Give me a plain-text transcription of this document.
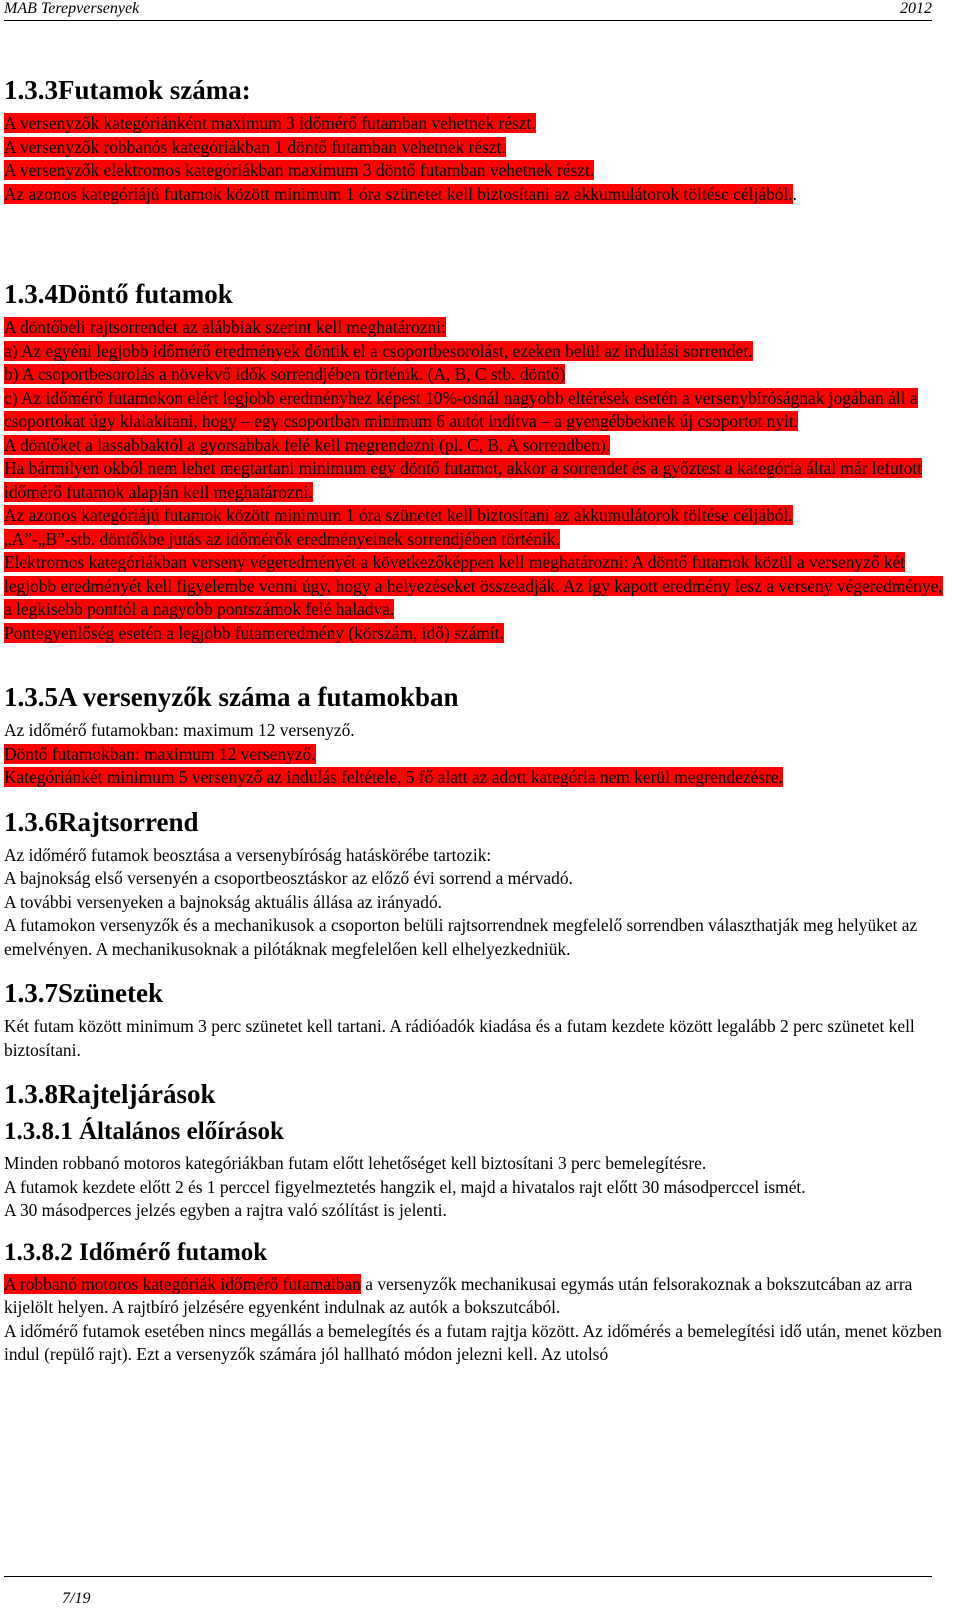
MAB Terepversenyek	2012
1.3.3Futamok száma:

A versenyzők kategóriánként maximum 3 időmérő futamban vehetnek részt.
A versenyzők robbanós kategóriákban 1 döntő futamban vehetnek részt.
A versenyzők elektromos kategóriákban maximum 3 döntő futamban vehetnek részt.
Az azonos kategóriájú futamok között minimum 1 óra szünetet kell biztosítani az akkumulátorok töltése céljából..

1.3.4Döntő futamok

A döntőbeli rajtsorrendet az alábbiak szerint kell meghatározni:
a) Az egyéni legjobb időmérő eredmények döntik el a csoportbesorolást, ezeken belül az indulási sorrendet.
b) A csoportbesorolás a növekvő idők sorrendjében történik. (A, B, C stb. döntő)
c) Az időmérő futamokon elért legjobb eredményhez képest 10%-osnál nagyobb eltérések esetén a versenybíróságnak jogában áll a csoportokat úgy kialakítani, hogy – egy csoportban minimum 6 autót indítva – a gyengébbeknek új csoportot nyit.
A döntőket a lassabbaktól a gyorsabbak felé kell megrendezni (pl. C, B, A sorrendben).
Ha bármilyen okból nem lehet megtartani minimum egy döntő futamot, akkor a sorrendet és a győztest a kategória által már lefutott időmérő futamok alapján kell meghatározni.
Az azonos kategóriájú futamok között minimum 1 óra szünetet kell biztosítani az akkumulátorok töltése céljából.
„A”-„B”-stb. döntőkbe jutás az időmérők eredményeinek sorrendjében történik.
Elektromos kategóriákban verseny végeredményét a következőképpen kell meghatározni: A döntő futamok közül a versenyző két legjobb eredményét kell figyelembe venni úgy, hogy a helyezéseket összeadják. Az így kapott eredmény lesz a verseny végeredménye, a legkisebb ponttól a nagyobb pontszámok felé haladva.
Pontegyenlőség esetén a legjobb futameredmény (körszám, idő) számít.

1.3.5A versenyzők száma a futamokban

Az időmérő futamokban: maximum 12 versenyző.
Döntő futamokban: maximum 12 versenyző.
Kategóriánkét minimum 5 versenyző az indulás feltétele, 5 fő alatt az adott kategória nem kerül megrendezésre.

1.3.6Rajtsorrend

Az időmérő futamok beosztása a versenybíróság hatáskörébe tartozik:
A bajnokság első versenyén a csoportbeosztáskor az előző évi sorrend a mérvadó.
A további versenyeken a bajnokság aktuális állása az irányadó.
A futamokon versenyzők és a mechanikusok a csoporton belüli rajtsorrendnek megfelelő sorrendben választhatják meg helyüket az emelvényen. A mechanikusoknak a pilótáknak megfelelően kell elhelyezkedniük.

1.3.7Szünetek

Két futam között minimum 3 perc szünetet kell tartani. A rádióadók kiadása és a futam kezdete között legalább 2 perc szünetet kell biztosítani.

1.3.8Rajteljárások
1.3.8.1 Általános előírások

Minden robbanó motoros kategóriákban futam előtt lehetőséget kell biztosítani 3 perc bemelegítésre.
A futamok kezdete előtt 2 és 1 perccel figyelmeztetés hangzik el, majd a hivatalos rajt előtt 30 másodperccel ismét.
A 30 másodperces jelzés egyben a rajtra való szólítást is jelenti.

1.3.8.2 Időmérő futamok

A robbanó motoros kategóriák időmérő futamaiban a versenyzők mechanikusai egymás után felsorakoznak a bokszutcában az arra kijelölt helyen. A rajtbíró jelzésére egyenként indulnak az autók a bokszutcából.
A időmérő futamok esetében nincs megállás a bemelegítés és a futam rajtja között. Az időmérés a bemelegítési idő után, menet közben indul (repülő rajt). Ezt a versenyzők számára jól hallható módon jelezni kell. Az utolsó

7/19
